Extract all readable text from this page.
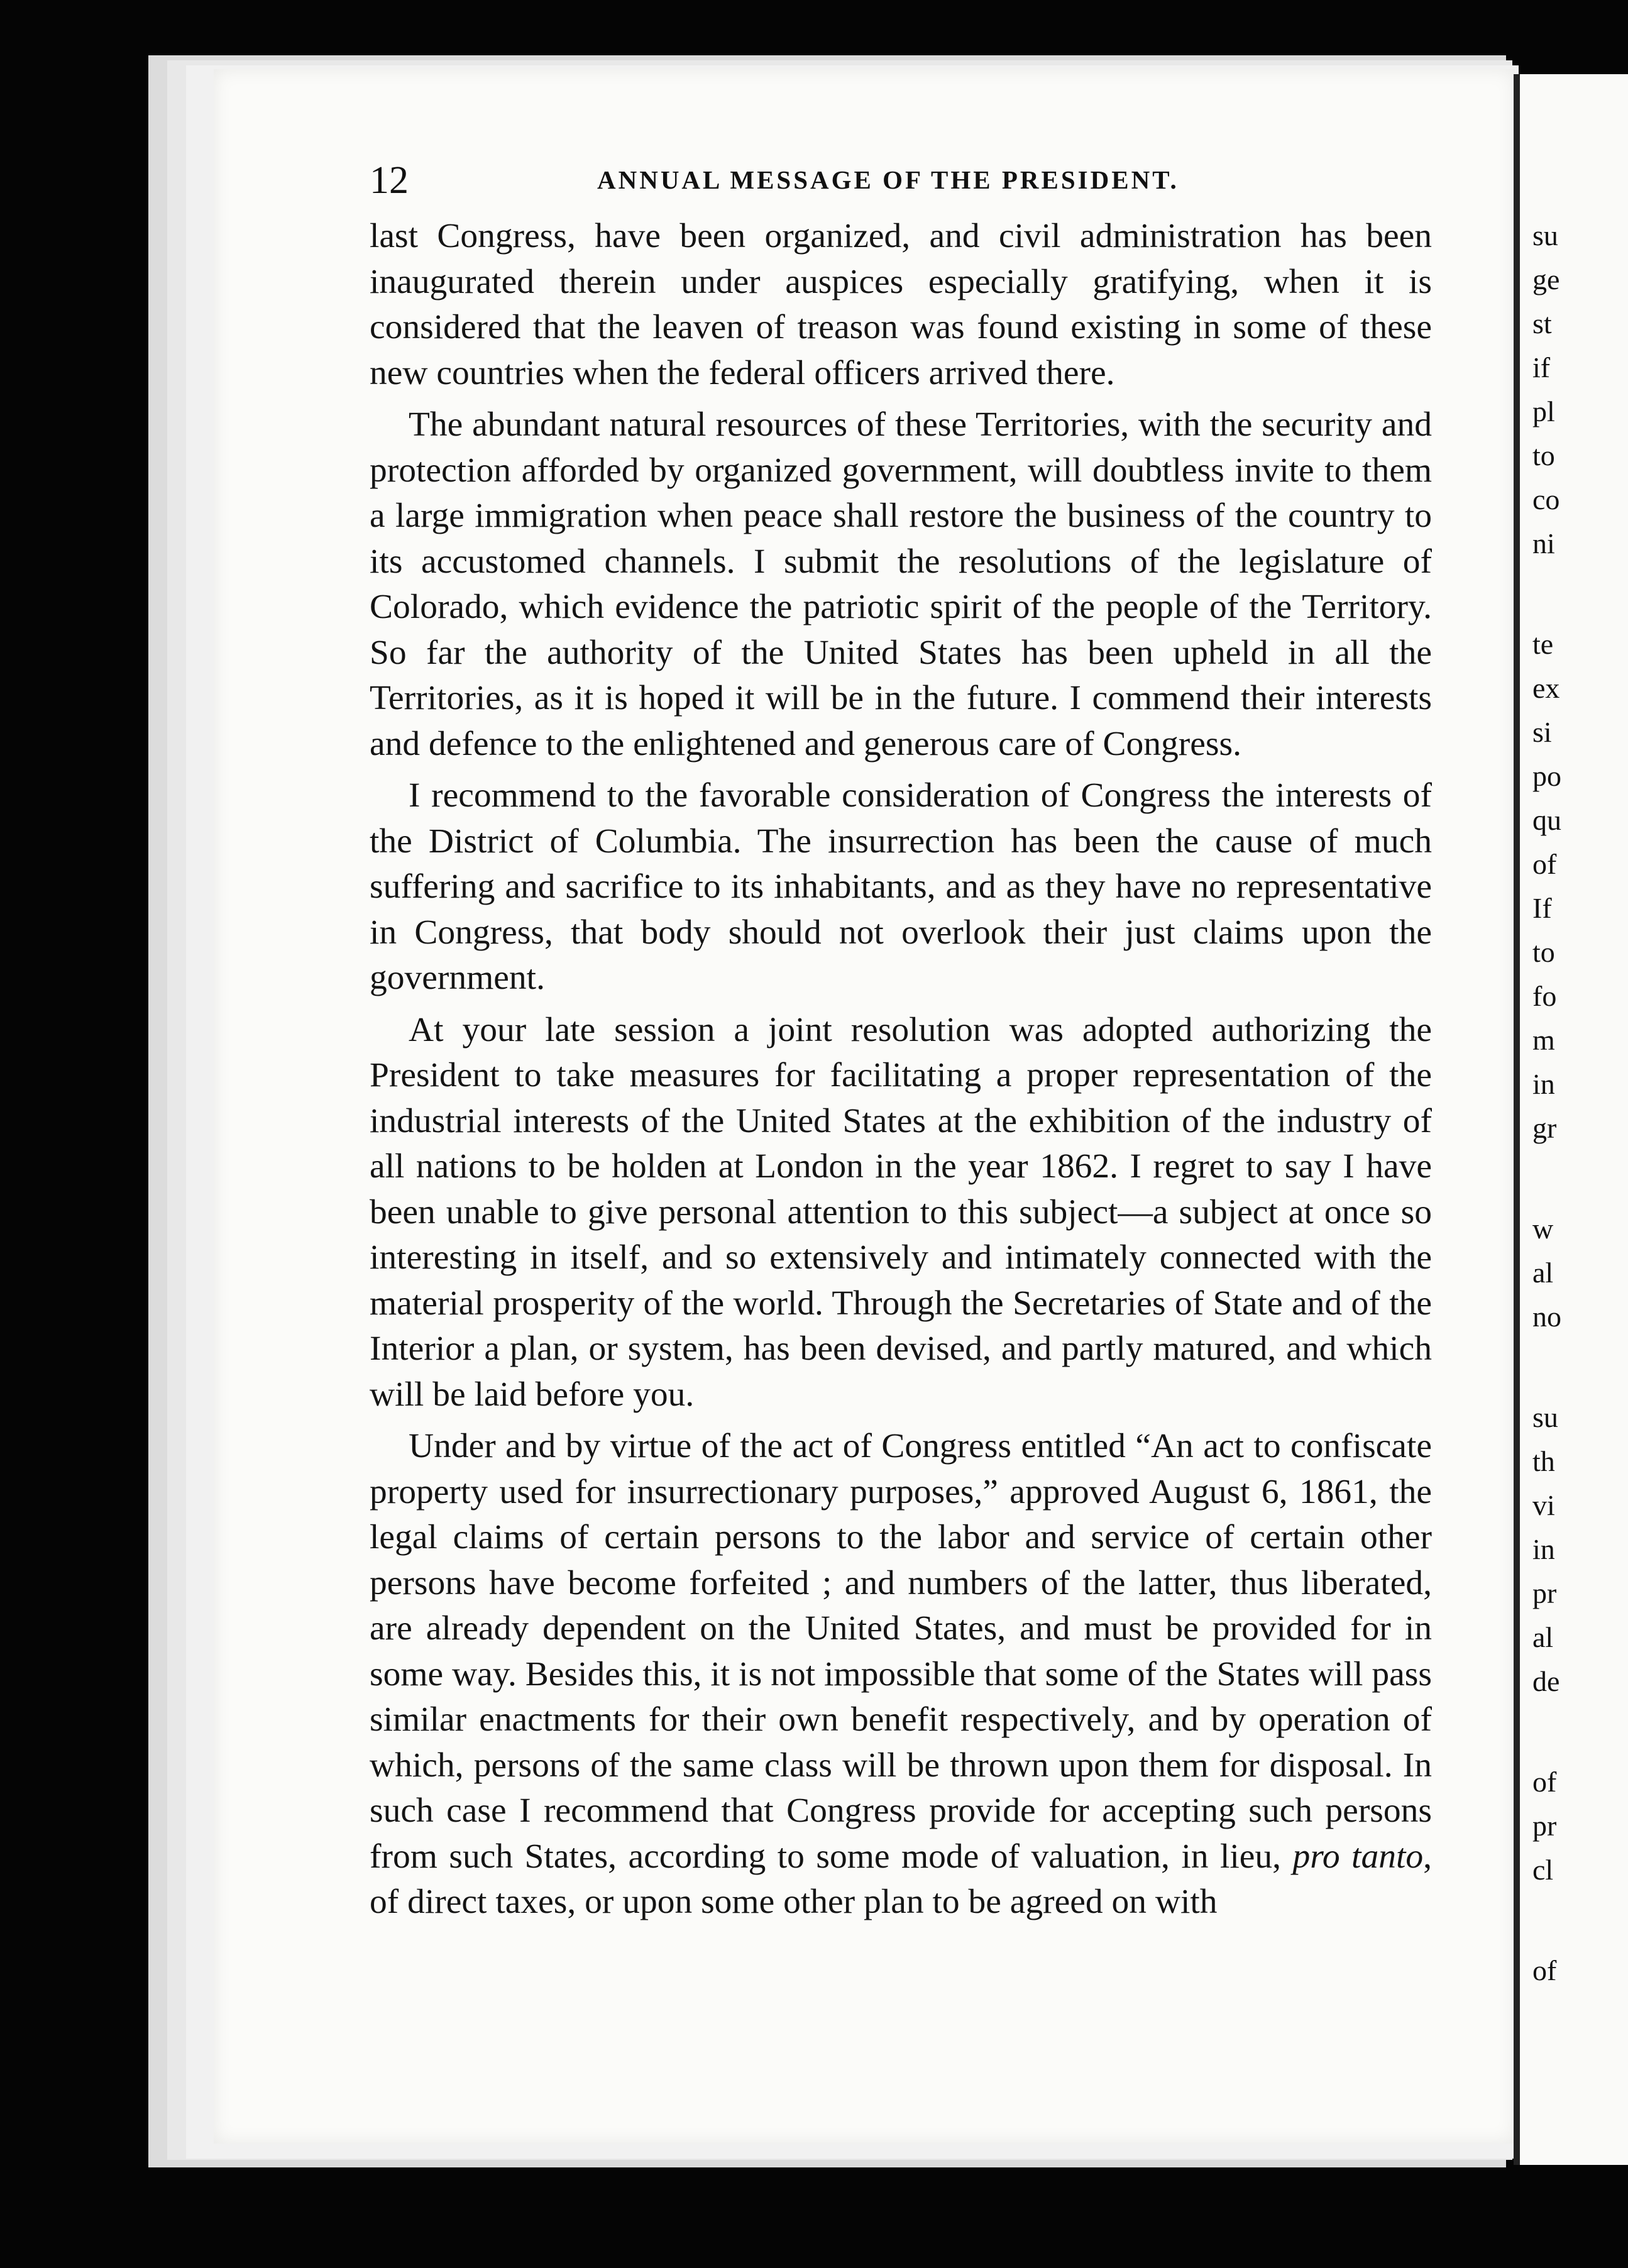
12	ANNUAL MESSAGE OF THE PRESIDENT.

last Congress, have been organized, and civil administration has been inaugurated therein under auspices especially gratifying, when it is considered that the leaven of treason was found existing in some of these new countries when the federal officers arrived there.

The abundant natural resources of these Territories, with the security and protection afforded by organized government, will doubtless invite to them a large immigration when peace shall restore the business of the country to its accustomed channels. I submit the resolutions of the legislature of Colorado, which evidence the patriotic spirit of the people of the Territory. So far the authority of the United States has been upheld in all the Territories, as it is hoped it will be in the future. I commend their interests and defence to the enlightened and generous care of Congress.

I recommend to the favorable consideration of Congress the interests of the District of Columbia. The insurrection has been the cause of much suffering and sacrifice to its inhabitants, and as they have no representative in Congress, that body should not overlook their just claims upon the government.

At your late session a joint resolution was adopted authorizing the President to take measures for facilitating a proper representation of the industrial interests of the United States at the exhibition of the industry of all nations to be holden at London in the year 1862. I regret to say I have been unable to give personal attention to this subject—a subject at once so interesting in itself, and so extensively and intimately connected with the material prosperity of the world. Through the Secretaries of State and of the Interior a plan, or system, has been devised, and partly matured, and which will be laid before you.

Under and by virtue of the act of Congress entitled “An act to confiscate property used for insurrectionary purposes,” approved August 6, 1861, the legal claims of certain persons to the labor and service of certain other persons have become forfeited ; and numbers of the latter, thus liberated, are already dependent on the United States, and must be provided for in some way. Besides this, it is not impossible that some of the States will pass similar enactments for their own benefit respectively, and by operation of which, persons of the same class will be thrown upon them for disposal. In such case I recommend that Congress provide for accepting such persons from such States, according to some mode of valuation, in lieu, pro tanto, of direct taxes, or upon some other plan to be agreed on with

su
ge
st
if
pl
to
co
ni
te
ex
si
po
qu
of
If
to
fo
m
in
gr
w
al
no
su
th
vi
in
pr
al
de
of
pr
cl
of
